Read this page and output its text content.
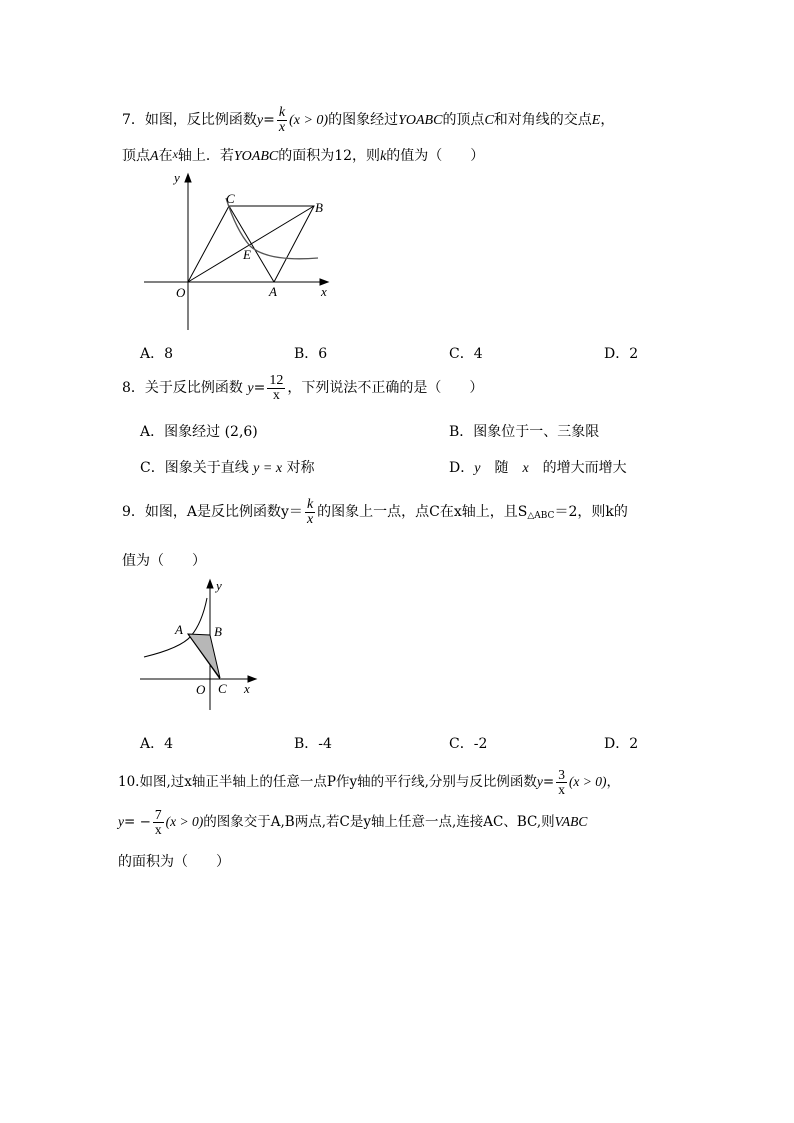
7．如图，反比例函数$y= \frac{k}{x} (x > 0)$的图象经过YOABC的顶点C和对角线的交点E，
顶点A在x轴上．若YOABC的面积为12，则k的值为（　　）
y
O	A	x
C
B
E
A．8	B．6	C．4	D．2
8．关于反比例函数 $y= \frac{12}{x}$ ，下列说法不正确的是（　　）
A．图象经过 (2,6)	B．图象位于一、三象限
C．图象关于直线 y = x 对称	D．y　 随　 x　 的增大而增大
9．如图，A是反比例函数$y= \frac{k}{x}$ 的图象上一点，点C在x轴上，且S△ABC＝2，则k的
值为（　　）
y
A B
O C x
A．4	B．-4	C．-2	D．2
10.如图,过x轴正半轴上的任意一点P作y轴的平行线,分别与反比例函数$y= \frac{3}{x} (x > 0)$，
$y= - \frac{7}{x} (x > 0)$的图象交于A,B两点,若C是y轴上任意一点,连接AC、BC,则VABC
的面积为（　　）
